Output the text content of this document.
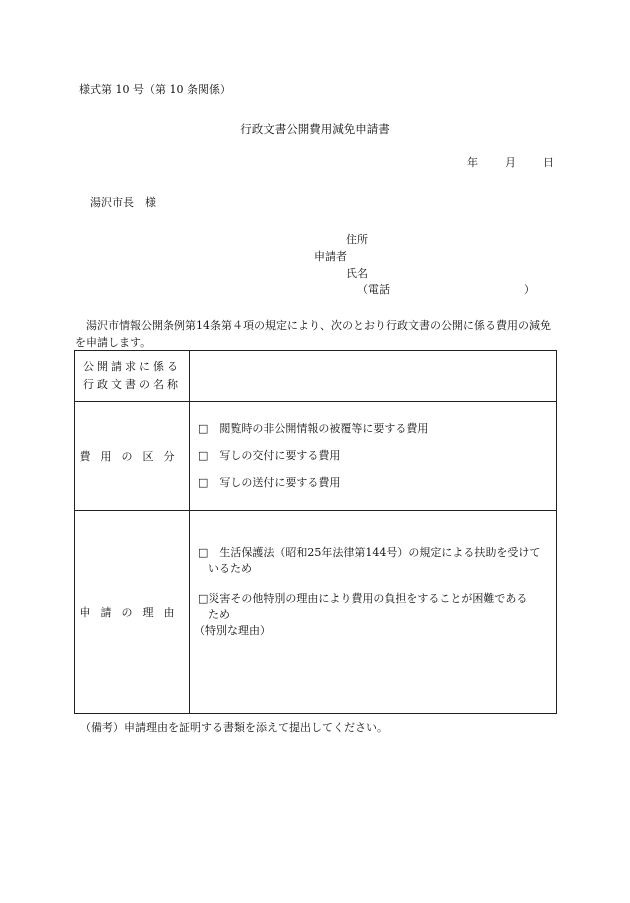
様式第 10 号（第 10 条関係）
行政文書公開費用減免申請書
年 月 日
湯沢市長　様
住所
申請者
氏名
（電話	）
湯沢市情報公開条例第14条第４項の規定により、次のとおり行政文書の公開に係る費用の減免を申請します。
公開請求に係る
行政文書の名称	
費用の区分	□　閲覧時の非公開情報の被覆等に要する費用
□　写しの交付に要する費用
□　写しの送付に要する費用

申請の理由	□　生活保護法（昭和25年法律第144号）の規定による扶助を受けて
いるため
□災害その他特別の理由により費用の負担をすることが困難である
ため
（特別な理由）
（備考）申請理由を証明する書類を添えて提出してください。
